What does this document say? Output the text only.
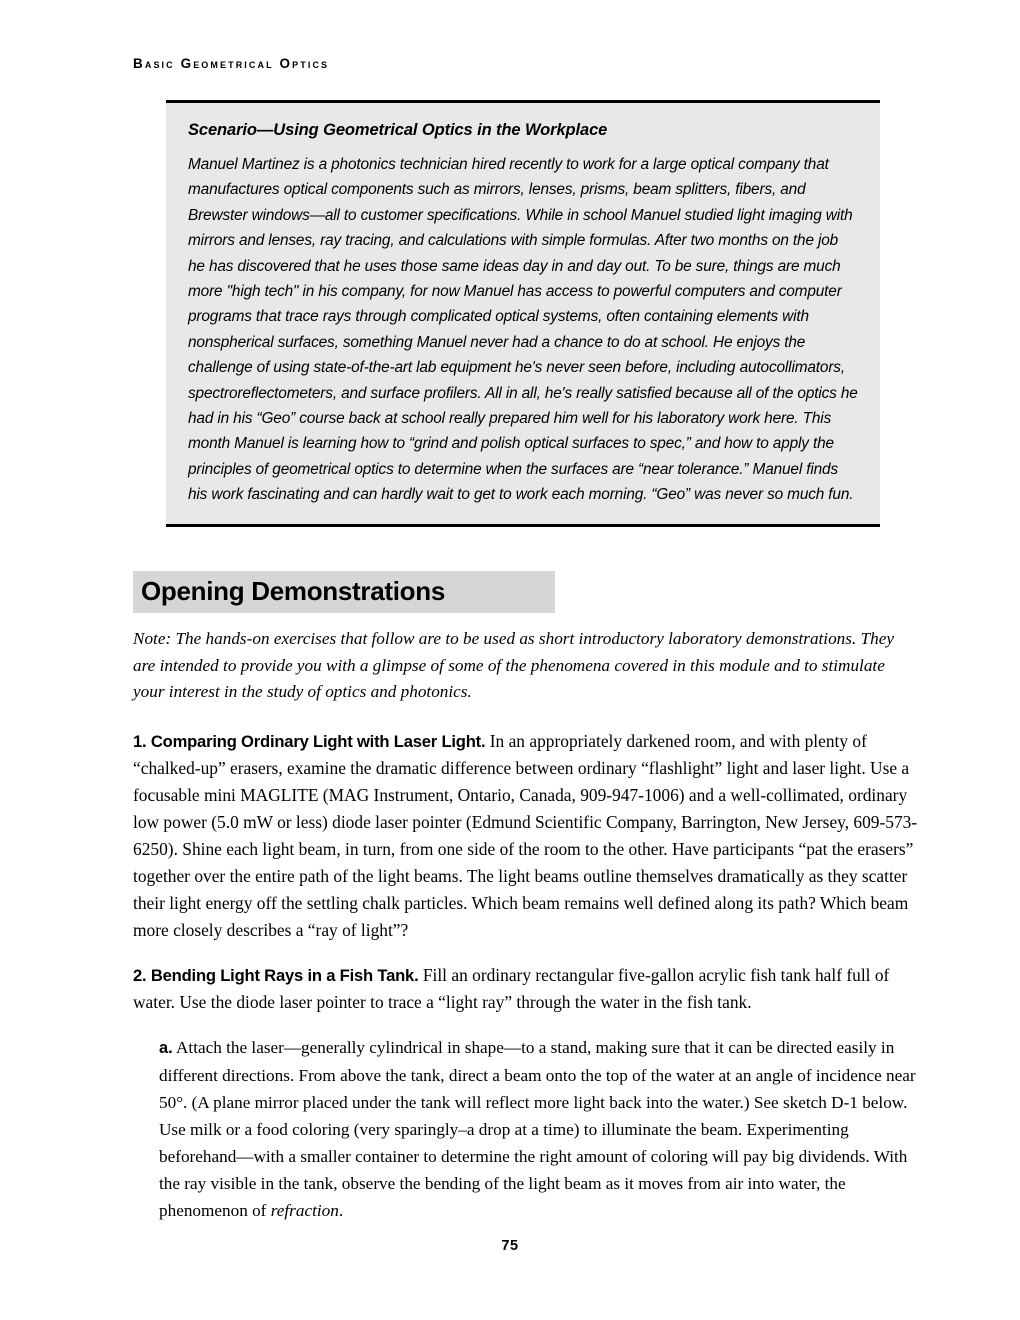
Basic Geometrical Optics
Scenario—Using Geometrical Optics in the Workplace

Manuel Martinez is a photonics technician hired recently to work for a large optical company that manufactures optical components such as mirrors, lenses, prisms, beam splitters, fibers, and Brewster windows—all to customer specifications. While in school Manuel studied light imaging with mirrors and lenses, ray tracing, and calculations with simple formulas. After two months on the job he has discovered that he uses those same ideas day in and day out. To be sure, things are much more "high tech" in his company, for now Manuel has access to powerful computers and computer programs that trace rays through complicated optical systems, often containing elements with nonspherical surfaces, something Manuel never had a chance to do at school. He enjoys the challenge of using state-of-the-art lab equipment he's never seen before, including autocollimators, spectroreflectometers, and surface profilers. All in all, he's really satisfied because all of the optics he had in his “Geo” course back at school really prepared him well for his laboratory work here. This month Manuel is learning how to “grind and polish optical surfaces to spec,” and how to apply the principles of geometrical optics to determine when the surfaces are “near tolerance.” Manuel finds his work fascinating and can hardly wait to get to work each morning. “Geo” was never so much fun.

Opening Demonstrations

Note: The hands-on exercises that follow are to be used as short introductory laboratory demonstrations. They are intended to provide you with a glimpse of some of the phenomena covered in this module and to stimulate your interest in the study of optics and photonics.

1. Comparing Ordinary Light with Laser Light. In an appropriately darkened room, and with plenty of “chalked-up” erasers, examine the dramatic difference between ordinary “flashlight” light and laser light. Use a focusable mini MAGLITE (MAG Instrument, Ontario, Canada, 909-947-1006) and a well-collimated, ordinary low power (5.0 mW or less) diode laser pointer (Edmund Scientific Company, Barrington, New Jersey, 609-573-6250). Shine each light beam, in turn, from one side of the room to the other. Have participants “pat the erasers” together over the entire path of the light beams. The light beams outline themselves dramatically as they scatter their light energy off the settling chalk particles. Which beam remains well defined along its path? Which beam more closely describes a “ray of light”?

2. Bending Light Rays in a Fish Tank. Fill an ordinary rectangular five-gallon acrylic fish tank half full of water. Use the diode laser pointer to trace a “light ray” through the water in the fish tank.

a. Attach the laser—generally cylindrical in shape—to a stand, making sure that it can be directed easily in different directions. From above the tank, direct a beam onto the top of the water at an angle of incidence near 50°. (A plane mirror placed under the tank will reflect more light back into the water.) See sketch D-1 below. Use milk or a food coloring (very sparingly–a drop at a time) to illuminate the beam. Experimenting beforehand—with a smaller container to determine the right amount of coloring will pay big dividends. With the ray visible in the tank, observe the bending of the light beam as it moves from air into water, the phenomenon of refraction.

75
